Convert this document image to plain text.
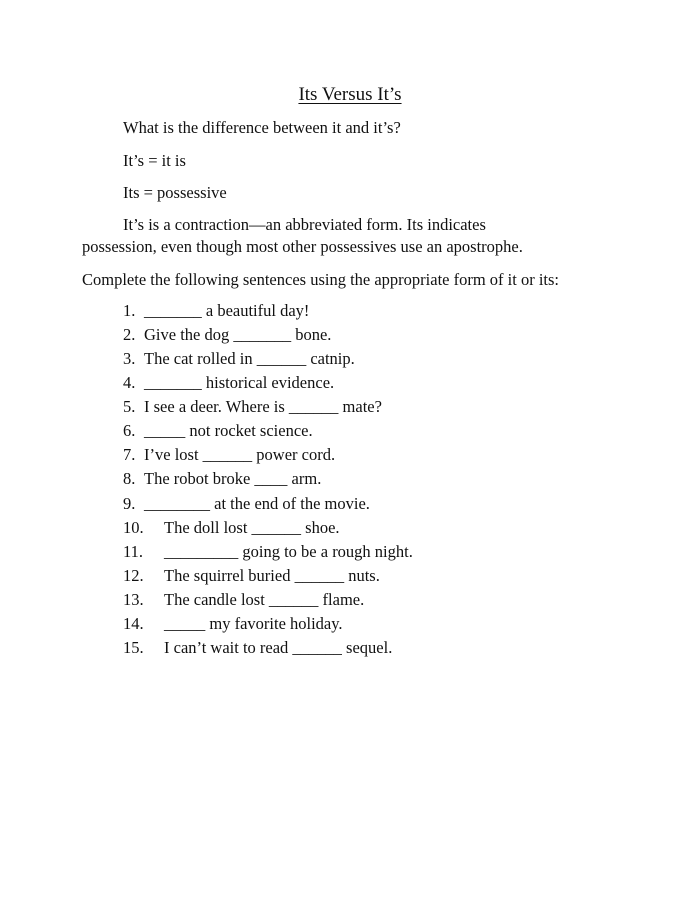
Its Versus It’s
What is the difference between it and it’s?
It’s = it is
Its = possessive
It’s is a contraction—an abbreviated form. Its indicates
possession, even though most other possessives use an apostrophe.
Complete the following sentences using the appropriate form of it or its:
1. _______ a beautiful day!
2. Give the dog _______ bone.
3. The cat rolled in ______ catnip.
4. _______ historical evidence.
5. I see a deer. Where is ______ mate?
6. _____ not rocket science.
7. I’ve lost ______ power cord.
8. The robot broke ____ arm.
9. ________ at the end of the movie.
10. The doll lost ______ shoe.
11. _________ going to be a rough night.
12. The squirrel buried ______ nuts.
13. The candle lost ______ flame.
14. _____ my favorite holiday.
15. I can’t wait to read ______ sequel.
